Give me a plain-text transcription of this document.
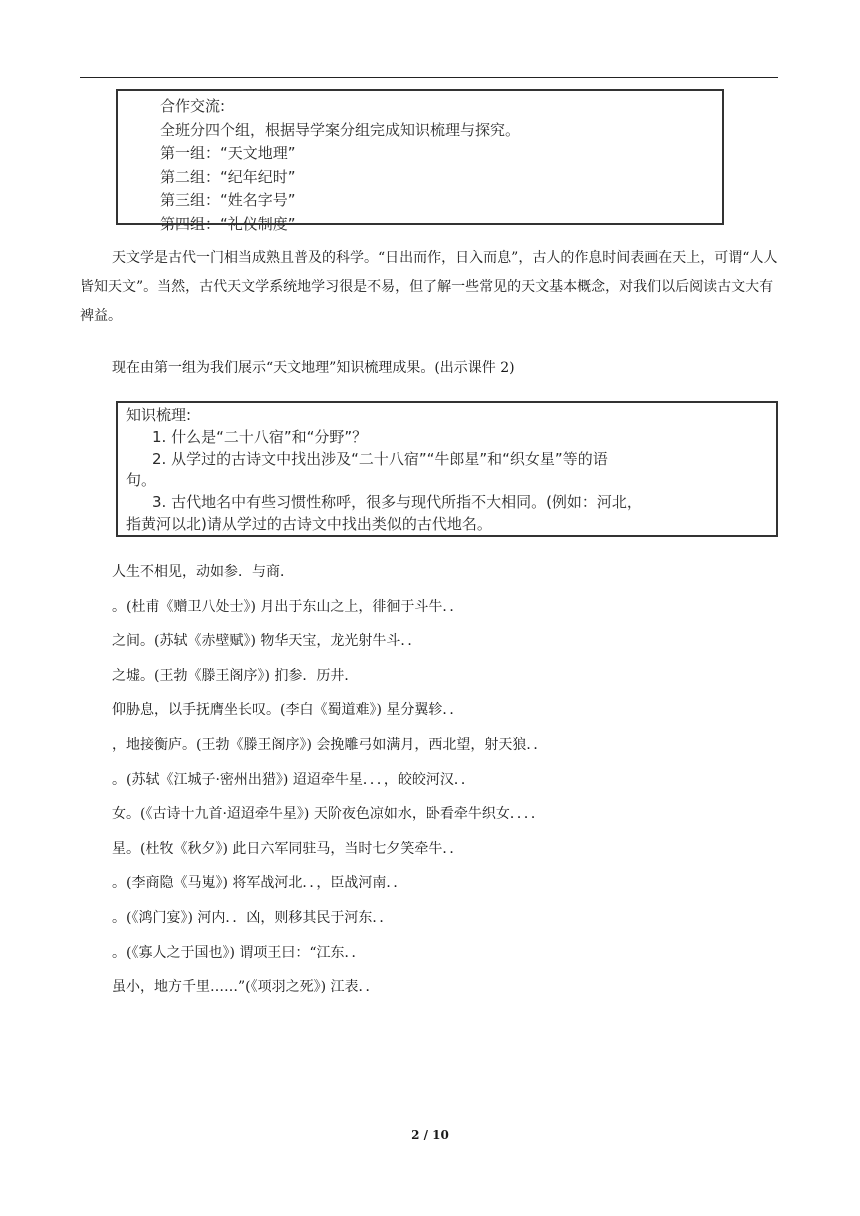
合作交流:
全班分四个组，根据导学案分组完成知识梳理与探究。
第一组：“天文地理”
第二组：“纪年纪时”
第三组：“姓名字号”
第四组：“礼仪制度”
天文学是古代一门相当成熟且普及的科学。“日出而作，日入而息”，古人的作息时间表画在天上，可谓“人人皆知天文”。当然，古代天文学系统地学习很是不易，但了解一些常见的天文基本概念，对我们以后阅读古文大有裨益。
现在由第一组为我们展示“天文地理”知识梳理成果。(出示课件 2)
知识梳理:
1. 什么是“二十八宿”和“分野”？
2. 从学过的古诗文中找出涉及“二十八宿”“牛郎星”和“织女星”等的语
句。
3. 古代地名中有些习惯性称呼，很多与现代所指不大相同。(例如：河北，
指黄河以北)请从学过的古诗文中找出类似的古代地名。
人生不相见，动如参．与商．
。(杜甫《赠卫八处士》) 月出于东山之上，徘徊于斗牛．．
之间。(苏轼《赤壁赋》) 物华天宝，龙光射牛斗．．
之墟。(王勃《滕王阁序》) 扪参．历井．
仰胁息，以手抚膺坐长叹。(李白《蜀道难》) 星分翼轸．．
，地接衡庐。(王勃《滕王阁序》) 会挽雕弓如满月，西北望，射天狼．．
。(苏轼《江城子·密州出猎》) 迢迢牵牛星．．．，皎皎河汉．．
女。(《古诗十九首·迢迢牵牛星》) 天阶夜色凉如水，卧看牵牛织女．．．．
星。(杜牧《秋夕》) 此日六军同驻马，当时七夕笑牵牛．．
。(李商隐《马嵬》) 将军战河北．．，臣战河南．．
。(《鸿门宴》) 河内．．凶，则移其民于河东．．
。(《寡人之于国也》) 谓项王曰：“江东．．
虽小，地方千里……”(《项羽之死》) 江表．．
2 / 10
